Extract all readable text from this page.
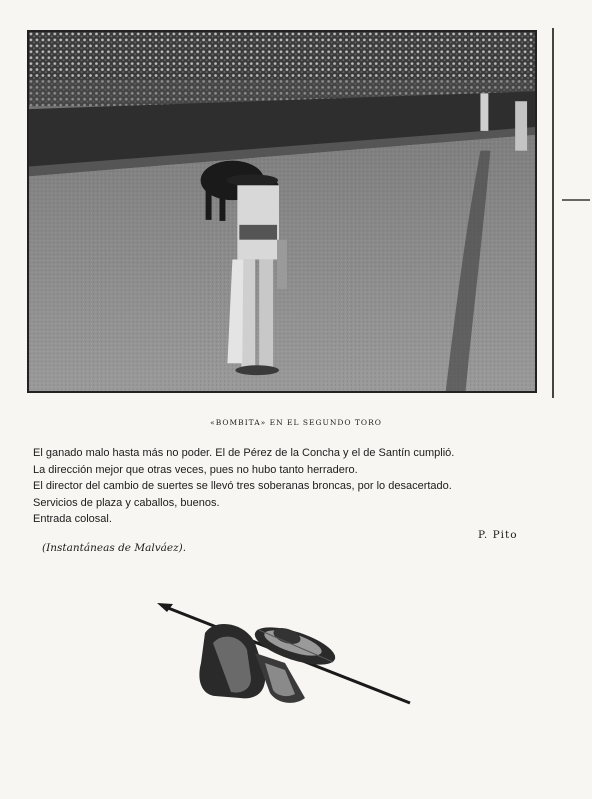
«BOMBITA» EN EL SEGUNDO TORO

El ganado malo hasta más no poder. El de Pérez de la Concha y el de Santín cumplió.

La dirección mejor que otras veces, pues no hubo tanto herradero.

El director del cambio de suertes se llevó tres soberanas broncas, por lo desacertado.

Servicios de plaza y caballos, buenos.

Entrada colosal.

P. Pito
(Instantáneas de Malváez).
